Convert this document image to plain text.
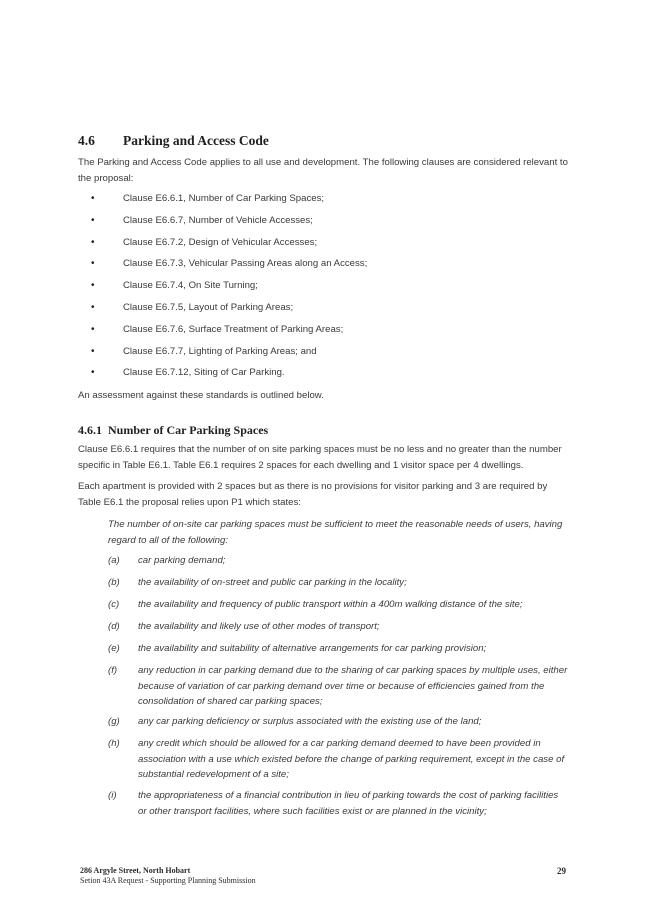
4.6	Parking and Access Code

The Parking and Access Code applies to all use and development. The following clauses are considered relevant to the proposal:

•	Clause E6.6.1, Number of Car Parking Spaces;
•	Clause E6.6.7, Number of Vehicle Accesses;
•	Clause E6.7.2, Design of Vehicular Accesses;
•	Clause E6.7.3, Vehicular Passing Areas along an Access;
•	Clause E6.7.4, On Site Turning;
•	Clause E6.7.5, Layout of Parking Areas;
•	Clause E6.7.6, Surface Treatment of Parking Areas;
•	Clause E6.7.7, Lighting of Parking Areas; and
•	Clause E6.7.12, Siting of Car Parking.

An assessment against these standards is outlined below.

4.6.1 Number of Car Parking Spaces

Clause E6.6.1 requires that the number of on site parking spaces must be no less and no greater than the number specific in Table E6.1. Table E6.1 requires 2 spaces for each dwelling and 1 visitor space per 4 dwellings.

Each apartment is provided with 2 spaces but as there is no provisions for visitor parking and 3 are required by Table E6.1 the proposal relies upon P1 which states:

The number of on-site car parking spaces must be sufficient to meet the reasonable needs of users, having regard to all of the following:

(a)	car parking demand;
(b)	the availability of on-street and public car parking in the locality;
(c)	the availability and frequency of public transport within a 400m walking distance of the site;
(d)	the availability and likely use of other modes of transport;
(e)	the availability and suitability of alternative arrangements for car parking provision;
(f)	any reduction in car parking demand due to the sharing of car parking spaces by multiple uses, either because of variation of car parking demand over time or because of efficiencies gained from the consolidation of shared car parking spaces;
(g)	any car parking deficiency or surplus associated with the existing use of the land;
(h)	any credit which should be allowed for a car parking demand deemed to have been provided in association with a use which existed before the change of parking requirement, except in the case of substantial redevelopment of a site;
(i)	the appropriateness of a financial contribution in lieu of parking towards the cost of parking facilities or other transport facilities, where such facilities exist or are planned in the vicinity;
286 Argyle Street, North Hobart
Setion 43A Request - Supporting Planning Submission
29
